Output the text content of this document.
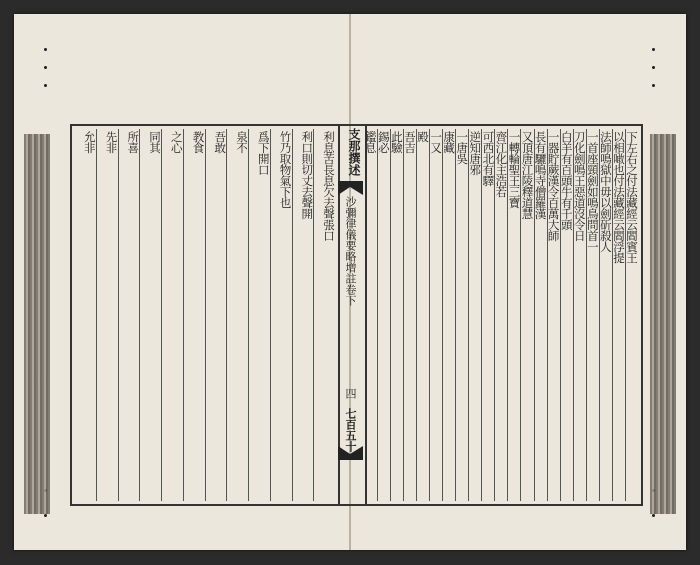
利息苦長息欠去聲張口
利口則切丈去聲開
竹乃取物氣下也
爲下開口
泉不
吾敢
教食
之心
同其
所喜
先非
允非	支那撰述
沙彌律儀要略增註卷下
四
七百五十
下左右之付法藏經云閻賓王
以相噉也付法藏經云閻浮提
法師鳴獄中毋以劍斫殺人
一首座頸劍如鳴鳥問首一
刀化劍鳴王惡道沒令日
白羊有百頭牛有千頭
一器貯蕨漢令百萬大師
長有驪鳴寺僧羅漢
又頂唐江陵釋道慧
一轉輪聖王三寶
齊江化主浩若
可西北有驛
逆知唐邪
一唐吳
康藏
一又
殿
吾吉
此驗
錫必
鑑息
